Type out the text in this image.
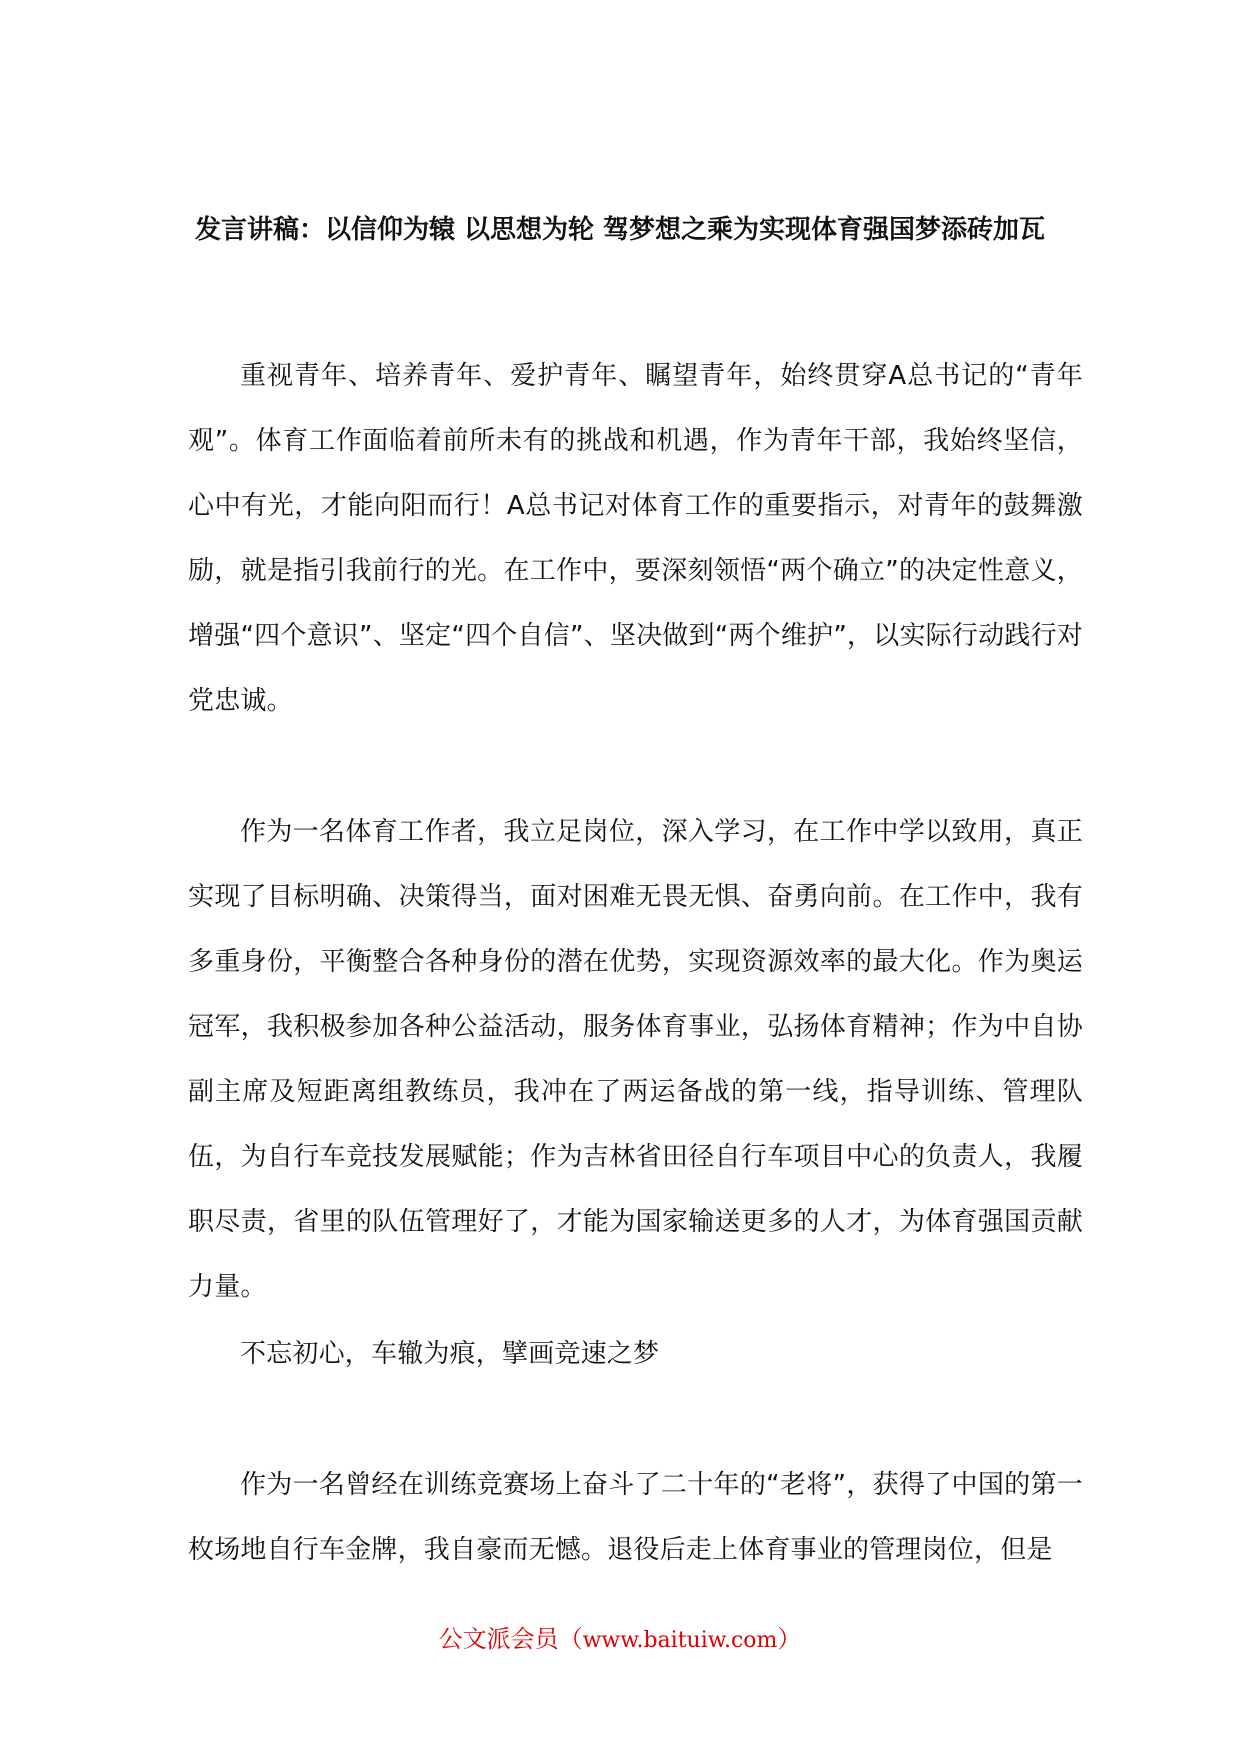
发言讲稿：以信仰为辕 以思想为轮 驾梦想之乘为实现体育强国梦添砖加瓦

重视青年、培养青年、爱护青年、瞩望青年，始终贯穿A总书记的“青年观”。体育工作面临着前所未有的挑战和机遇，作为青年干部，我始终坚信，心中有光，才能向阳而行！A总书记对体育工作的重要指示，对青年的鼓舞激励，就是指引我前行的光。在工作中，要深刻领悟“两个确立”的决定性意义，增强“四个意识”、坚定“四个自信”、坚决做到“两个维护”，以实际行动践行对党忠诚。

作为一名体育工作者，我立足岗位，深入学习，在工作中学以致用，真正实现了目标明确、决策得当，面对困难无畏无惧、奋勇向前。在工作中，我有多重身份，平衡整合各种身份的潜在优势，实现资源效率的最大化。作为奥运冠军，我积极参加各种公益活动，服务体育事业，弘扬体育精神；作为中自协副主席及短距离组教练员，我冲在了两运备战的第一线，指导训练、管理队伍，为自行车竞技发展赋能；作为吉林省田径自行车项目中心的负责人，我履职尽责，省里的队伍管理好了，才能为国家输送更多的人才，为体育强国贡献力量。

不忘初心，车辙为痕，擘画竞速之梦

作为一名曾经在训练竞赛场上奋斗了二十年的“老将”，获得了中国的第一枚场地自行车金牌，我自豪而无憾。退役后走上体育事业的管理岗位，但是

公文派会员（www.baituiw.com）
